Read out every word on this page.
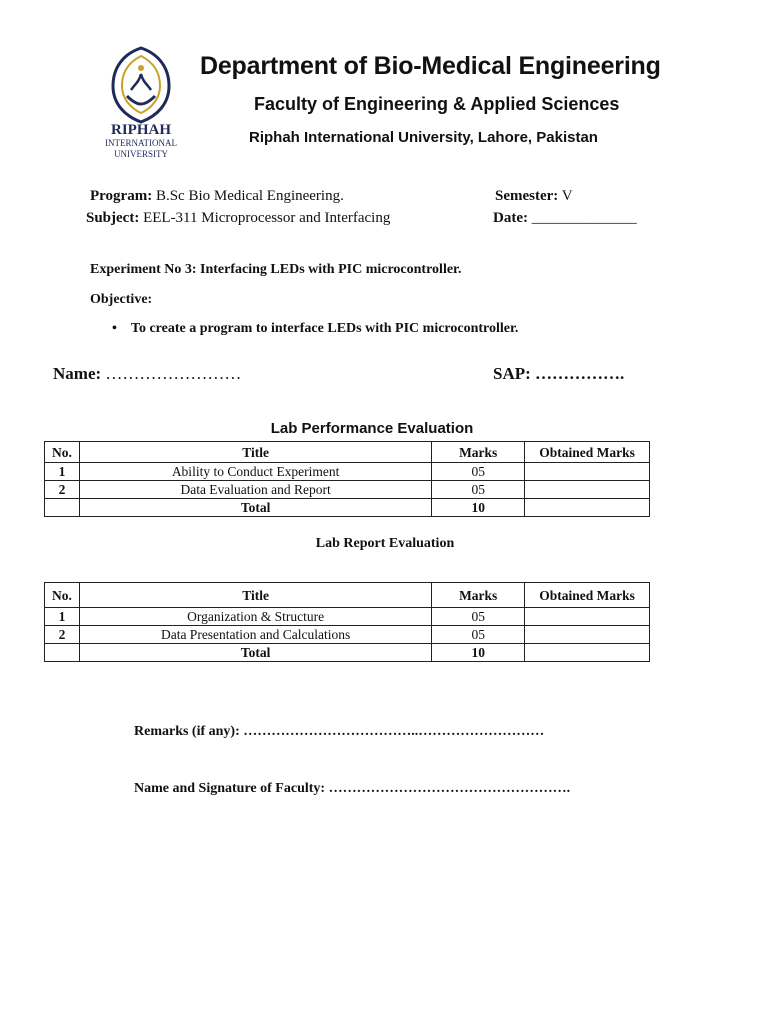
RIPHAH
INTERNATIONAL
UNIVERSITY
Department of Bio-Medical Engineering
Faculty of Engineering & Applied Sciences
Riphah International University, Lahore, Pakistan
Program: B.Sc Bio Medical Engineering.
Subject: EEL-311 Microprocessor and Interfacing
Semester: V
Date: ______________
Experiment No 3: Interfacing LEDs with PIC microcontroller.
Objective:
• To create a program to interface LEDs with PIC microcontroller.
Name: ……………………	SAP: …………….
Lab Performance Evaluation
No.	Title	Marks	Obtained Marks
1	Ability to Conduct Experiment	05	
2	Data Evaluation and Report	05	
	Total	10	
Lab Report Evaluation
No.	Title	Marks	Obtained Marks
1	Organization & Structure	05	
2	Data Presentation and Calculations	05	
	Total	10	
Remarks (if any): ………………………………..………………………
Name and Signature of Faculty: …………………………………………….
